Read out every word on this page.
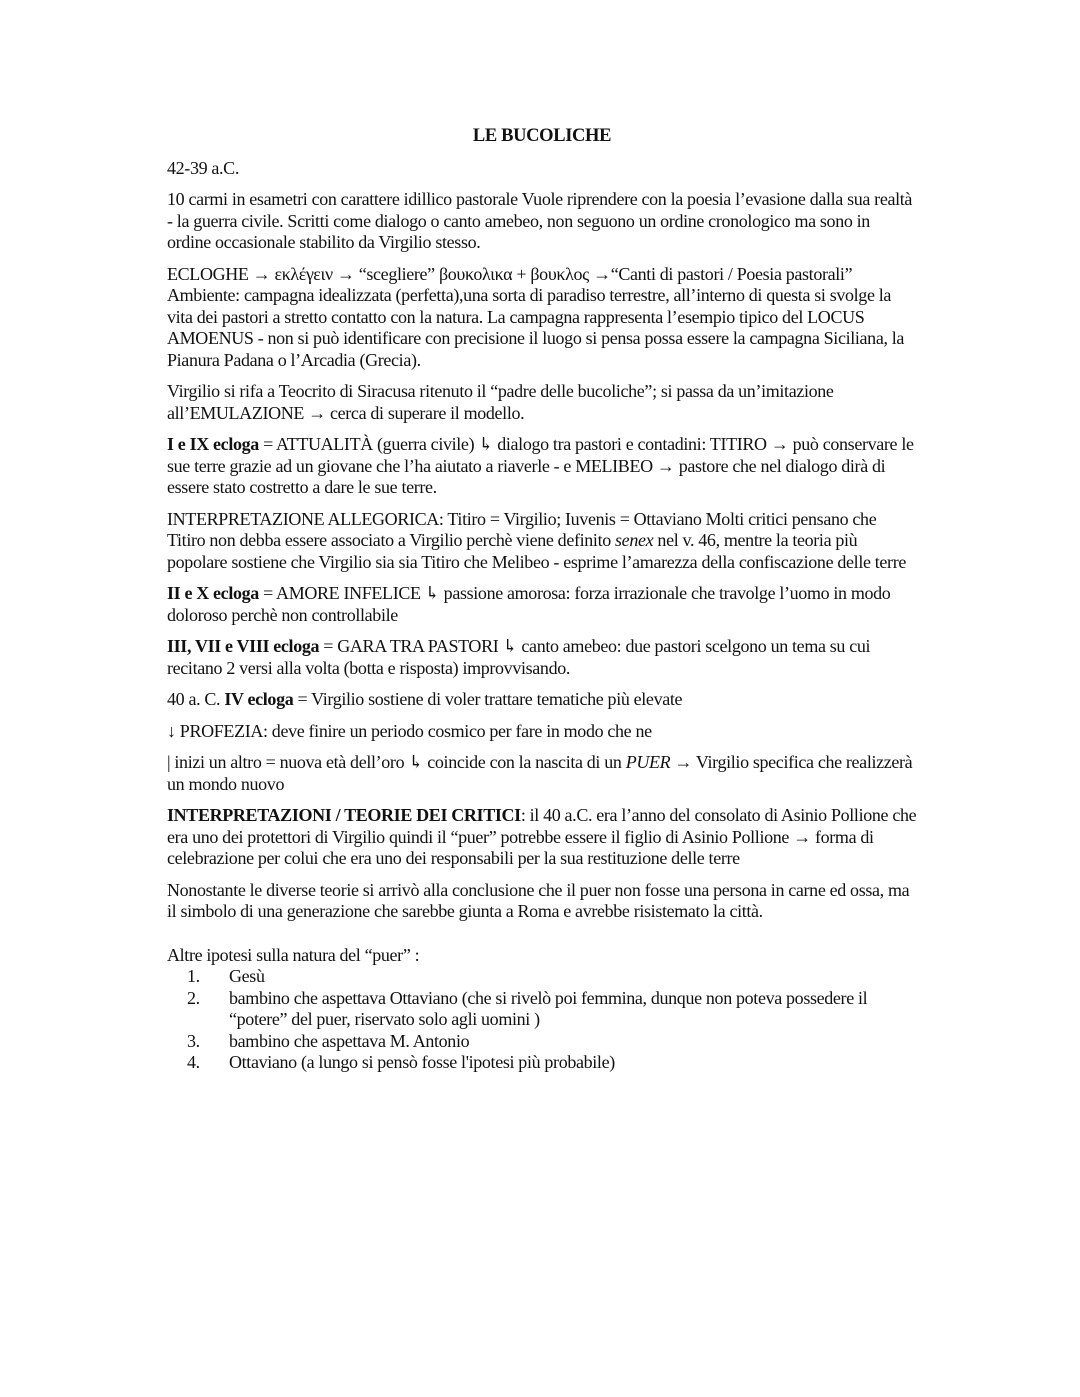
LE BUCOLICHE
42-39 a.C.
10 carmi in esametri con carattere idillico pastorale Vuole riprendere con la poesia l’evasione dalla sua realtà - la guerra civile. Scritti come dialogo o canto amebeo, non seguono un ordine cronologico ma sono in ordine occasionale stabilito da Virgilio stesso.
ECLOGHE → εκλέγειν → “scegliere” βουκολικα + βουκλος →“Canti di pastori / Poesia pastorali” Ambiente: campagna idealizzata (perfetta),una sorta di paradiso terrestre, all’interno di questa si svolge la vita dei pastori a stretto contatto con la natura. La campagna rappresenta l’esempio tipico del LOCUS AMOENUS - non si può identificare con precisione il luogo si pensa possa essere la campagna Siciliana, la Pianura Padana o l’Arcadia (Grecia).
Virgilio si rifa a Teocrito di Siracusa ritenuto il “padre delle bucoliche”; si passa da un’imitazione all’EMULAZIONE → cerca di superare il modello.
I e IX ecloga = ATTUALITÀ (guerra civile) ↳ dialogo tra pastori e contadini: TITIRO → può conservare le sue terre grazie ad un giovane che l’ha aiutato a riaverle - e MELIBEO → pastore che nel dialogo dirà di essere stato costretto a dare le sue terre.
INTERPRETAZIONE ALLEGORICA: Titiro = Virgilio; Iuvenis = Ottaviano Molti critici pensano che Titiro non debba essere associato a Virgilio perchè viene definito senex nel v. 46, mentre la teoria più popolare sostiene che Virgilio sia sia Titiro che Melibeo - esprime l’amarezza della confiscazione delle terre
II e X ecloga = AMORE INFELICE ↳ passione amorosa: forza irrazionale che travolge l’uomo in modo doloroso perchè non controllabile
III, VII e VIII ecloga = GARA TRA PASTORI ↳ canto amebeo: due pastori scelgono un tema su cui recitano 2 versi alla volta (botta e risposta) improvvisando.
40 a. C. IV ecloga = Virgilio sostiene di voler trattare tematiche più elevate
↓ PROFEZIA: deve finire un periodo cosmico per fare in modo che ne
| inizi un altro = nuova età dell’oro ↳ coincide con la nascita di un PUER → Virgilio specifica che realizzerà un mondo nuovo
INTERPRETAZIONI / TEORIE DEI CRITICI: il 40 a.C. era l’anno del consolato di Asinio Pollione che era uno dei protettori di Virgilio quindi il “puer” potrebbe essere il figlio di Asinio Pollione → forma di celebrazione per colui che era uno dei responsabili per la sua restituzione delle terre
Nonostante le diverse teorie si arrivò alla conclusione che il puer non fosse una persona in carne ed ossa, ma il simbolo di una generazione che sarebbe giunta a Roma e avrebbe risistemato la città.
Altre ipotesi sulla natura del “puer” :
1.	Gesù
2.	bambino che aspettava Ottaviano (che si rivelò poi femmina, dunque non poteva possedere il “potere” del puer, riservato solo agli uomini )
3.	bambino che aspettava M. Antonio
4.	Ottaviano (a lungo si pensò fosse l'ipotesi più probabile)
